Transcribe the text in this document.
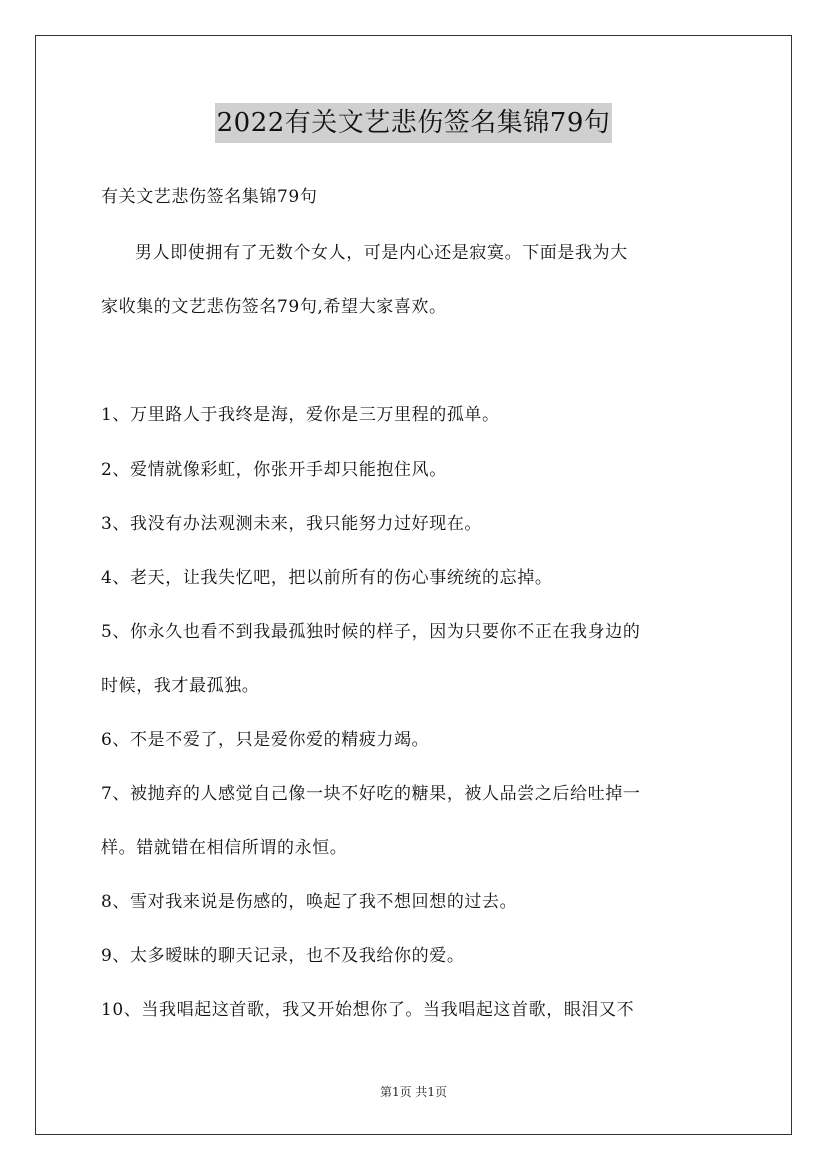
2022有关文艺悲伤签名集锦79句
有关文艺悲伤签名集锦79句
男人即使拥有了无数个女人，可是内心还是寂寞。下面是我为大
家收集的文艺悲伤签名79句,希望大家喜欢。
1、万里路人于我终是海，爱你是三万里程的孤单。
2、爱情就像彩虹，你张开手却只能抱住风。
3、我没有办法观测未来，我只能努力过好现在。
4、老天，让我失忆吧，把以前所有的伤心事统统的忘掉。
5、你永久也看不到我最孤独时候的样子，因为只要你不正在我身边的
时候，我才最孤独。
6、不是不爱了，只是爱你爱的精疲力竭。
7、被抛弃的人感觉自己像一块不好吃的糖果，被人品尝之后给吐掉一
样。错就错在相信所谓的永恒。
8、雪对我来说是伤感的，唤起了我不想回想的过去。
9、太多暧昧的聊天记录，也不及我给你的爱。
10、当我唱起这首歌，我又开始想你了。当我唱起这首歌，眼泪又不
第1页 共1页
